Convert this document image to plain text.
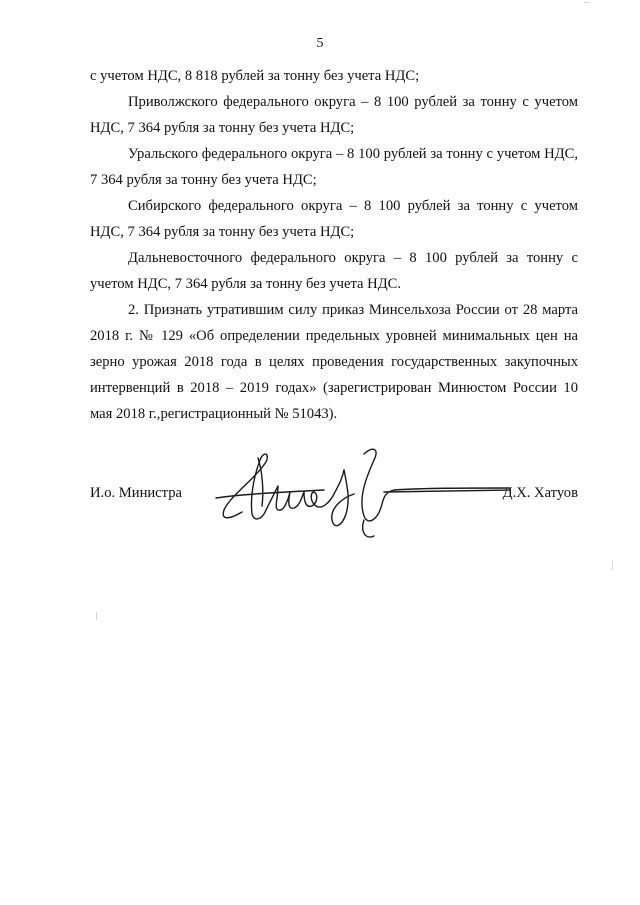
5

с учетом НДС, 8 818 рублей за тонну без учета НДС;

Приволжского федерального округа – 8 100 рублей за тонну с учетом НДС, 7 364 рубля за тонну без учета НДС;

Уральского федерального округа – 8 100 рублей за тонну с учетом НДС, 7 364 рубля за тонну без учета НДС;

Сибирского федерального округа – 8 100 рублей за тонну с учетом НДС, 7 364 рубля за тонну без учета НДС;

Дальневосточного федерального округа – 8 100 рублей за тонну с учетом НДС, 7 364 рубля за тонну без учета НДС.

2. Признать утратившим силу приказ Минсельхоза России от 28 марта 2018 г. № 129 «Об определении предельных уровней минимальных цен на зерно урожая 2018 года в целях проведения государственных закупочных интервенций в 2018 – 2019 годах» (зарегистрирован Минюстом России 10 мая 2018 г.,регистрационный № 51043).

И.о. Министра	Д.Х. Хатуов
